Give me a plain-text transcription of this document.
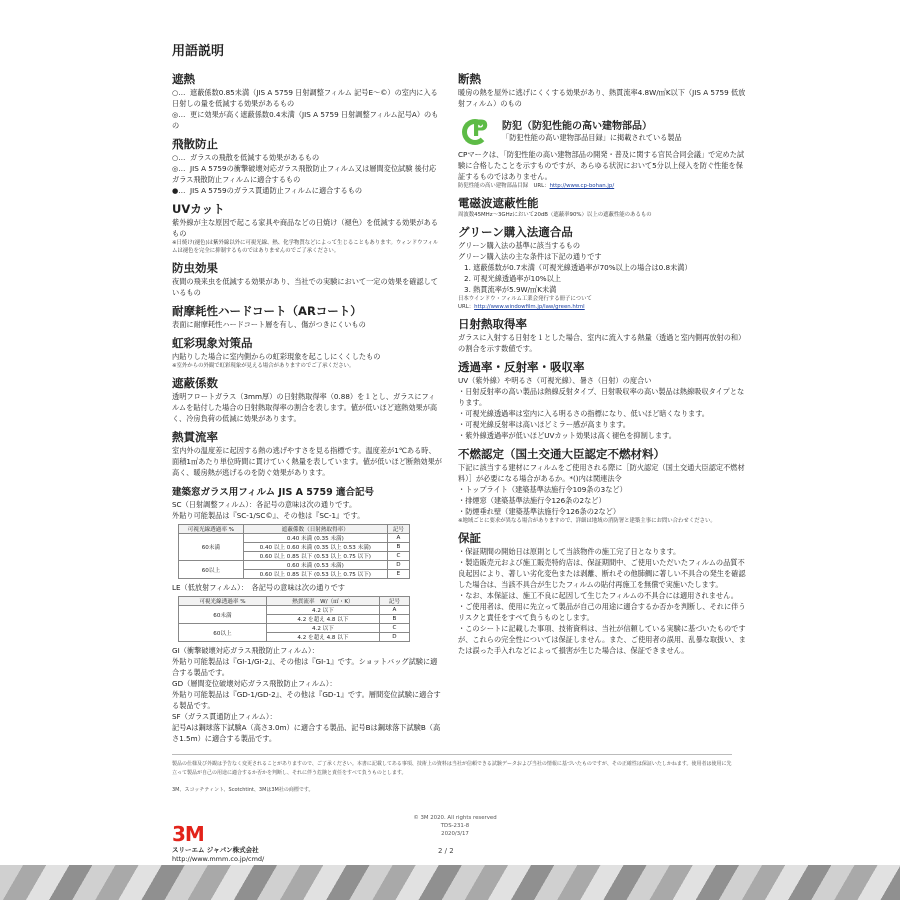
用語説明
遮熱

○… 遮蔽係数0.85未満（JIS A 5759 日射調整フィルム 記号E〜©）の室内に入る日射しの量を低減する効果があるもの

◎… 更に効果が高く遮蔽係数0.4未満（JIS A 5759 日射調整フィルム記号A）のもの

飛散防止

○… ガラスの飛散を低減する効果があるもの

◎… JIS A 5759の衝撃破壊対応ガラス飛散防止フィルム又は層間変位試験 後付応ガラス飛散防止フィルムに適合するもの

●… JIS A 5759のガラス貫通防止フィルムに適合するもの

UVカット

紫外線が主な原因で起こる家具や商品などの日焼け（褪色）を低減する効果があるもの

※日焼け(褪色)は紫外線以外に可視光線、熱、化学物質などによって生じることもあります。ウィンドウフィルムは褪色を完全に抑制するものではありませんのでご了承ください。

防虫効果

夜間の飛来虫を低減する効果があり、当社での実験において一定の効果を確認しているもの

耐摩耗性ハードコート（ARコート）

表面に耐摩耗性ハードコート層を有し、傷がつきにくいもの

虹彩現象対策品

内貼りした場合に室内側からの虹彩現象を起こしにくくしたもの

※室外からの外観で虹彩現象が見える場合がありますのでご了承ください。

遮蔽係数

透明フロートガラス（3mm厚）の日射熱取得率（0.88）を１とし、ガラスにフィルムを貼付した場合の日射熱取得率の割合を表します。値が低いほど遮熱効果が高く、冷房負荷の低減に効果があります。

熱貫流率

室内外の温度差に起因する熱の逃げやすさを見る指標です。温度差が1℃ある時、面積1㎡あたり単位時間に貫けていく熱量を表しています。値が低いほど断熱効果が高く、暖房熱が逃げるのを防ぐ効果があります。

建築窓ガラス用フィルム JIS A 5759 適合記号

SC（日射調整フィルム）：各記号の意味は次の通りです。

外貼り可能製品は『SC-1/SC©』、その他は『SC-1』です。

可視光線透過率 %	遮蔽係数（日射熱取得率）	記号
60未満	0.40 未満 (0.35 未満)	A
	0.40 以上 0.60 未満 (0.35 以上 0.53 未満)	B
	0.60 以上 0.85 以下 (0.53 以上 0.75 以下)	C
60以上	0.60 未満 (0.53 未満)	D
	0.60 以上 0.85 以下 (0.53 以上 0.75 以下)	E

LE（低放射フィルム）：　各記号の意味は次の通りです

可視光線透過率 %	熱貫流率　W/（㎡・K）	記号
60未満	4.2 以下	A
	4.2 を超え 4.8 以下	B
60以上	4.2 以下	C
	4.2 を超え 4.8 以下	D

GI（衝撃破壊対応ガラス飛散防止フィルム）：

外貼り可能製品は『GI-1/GI-2』、その他は『GI-1』です。ショットバッグ試験に適合する製品です。

GD（層間変位破壊対応ガラス飛散防止フィルム）：

外貼り可能製品は『GD-1/GD-2』、その他は『GD-1』です。層間変位試験に適合する製品です。

SF（ガラス貫通防止フィルム）：

記号Aは鋼球落下試験A（高さ3.0m）に適合する製品、記号Bは鋼球落下試験B（高さ1.5m）に適合する製品です。

断熱

暖房の熱を屋外に逃げにくくする効果があり、熱貫流率4.8W/㎡K以下（JIS A 5759 低放射フィルム）のもの

P 防犯（防犯性能の高い建物部品）

「防犯性能の高い建物部品目録」に掲載されている製品

CPマークは、「防犯性能の高い建物部品の開発・普及に関する官民合同会議」で定めた試験に合格したことを示すものですが、あらゆる状況において5分以上侵入を防ぐ性能を保証するものではありません。

防犯性能の高い建物部品目録　URL：http://www.cp-bohan.jp/

電磁波遮蔽性能

周波数45MHz〜3GHzにおいて20dB（遮蔽率90%）以上の遮蔽性能のあるもの

グリーン購入法適合品

グリーン購入法の基準に該当するもの

グリーン購入法の主な条件は下記の通りです

1. 遮蔽係数が0.7未満（可視光線透過率が70%以上の場合は0.8未満）

2. 可視光線透過率が10%以上

3. 熱貫流率が5.9W/㎡K未満

日本ウインドウ・フィルム工業会発行する冊子について

URL：http://www.windowfilm.jp/law/green.html

日射熱取得率

ガラスに入射する日射を１とした場合、室内に流入する熱量（透過と室内側再放射の和）の割合を示す数値です。

透過率・反射率・吸収率

UV（紫外線）や明るさ（可視光線）、暑さ（日射）の度合い

・日射反射率の高い製品は熱線反射タイプ、日射吸収率の高い製品は熱線吸収タイプとなります。

・可視光線透過率は室内に入る明るさの指標になり、低いほど暗くなります。

・可視光線反射率は高いほどミラー感が高まります。

・紫外線透過率が低いほどUVカット効果は高く褪色を抑制します。

不燃認定（国土交通大臣認定不燃材料）

下記に該当する建材にフィルムをご使用される際に［防火認定（国土交通大臣認定不燃材料）］が必要になる場合があるか。*()内は関連法令

・トップライト（建築基準法施行令109条の3など）

・排煙窓（建築基準法施行令126条の2など）

・防煙垂れ壁（建築基準法施行令126条の2など）

※地域ごとに要求が異なる場合がありますので、詳細は地域の消防署と建築主事にお問い合わせください。

保証

・保証期間の開始日は原則として当該物件の施工完了日となります。

・製造販売元および施工販売特約店は、保証期間中、ご使用いただいたフィルムの品質不良起因により、著しい劣化変色または剥離、断れその他肺鯛に著しい不具合の発生を確認した場合は、当該不具合が生じたフィルムの貼付再施工を無償で実施いたします。

・なお、本保証は、施工不良に起因して生じたフィルムの不具合には適用されません。

・ご使用者は、使用に先立って製品が自己の用途に適合するか否かを判断し、それに伴うリスクと責任をすべて負うものとします。

・このシートに記載した事項、技術資料は、当社が信頼している実験に基づいたものですが、これらの完全性については保証しません。また、ご使用者の誤用、乱暴な取扱い、または誤った手入れなどによって損害が生じた場合は、保証できません。

製品の仕様及び外観は予告なく変更されることがありますので、ご了承ください。本書に記載してある事項、技術上の資料は当社が信頼できる試験データおよび当社の情報に基づいたものですが、その正確性は保証いたしかねます。使用者は使用に先立って製品が自己の用途に適合するか否かを判断し、それに伴う危険と責任をすべて負うものとします。
3M、スコッチティント、Scotchtint、3Mは3M社の商標です。
© 3M 2020. All rights reserved
TDS-231-8
2020/3/17
3M
スリーエム ジャパン株式会社
http://www.mmm.co.jp/cmd/
2 / 2
